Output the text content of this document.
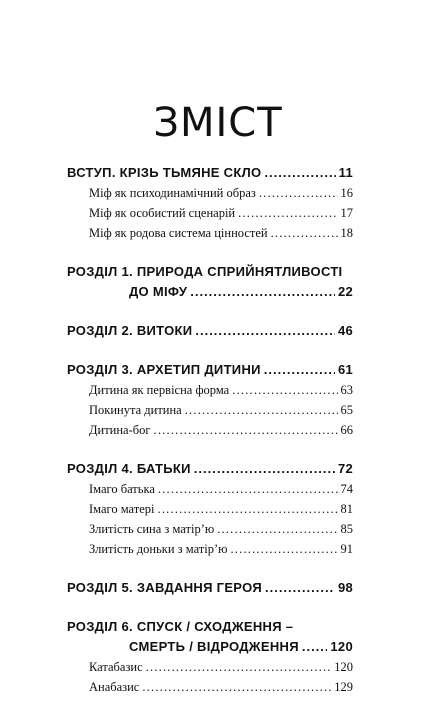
ЗМІСТ
ВСТУП. КРІЗЬ ТЬМЯНЕ СКЛО .....	11
Міф як психодинамічний образ .....	16
Міф як особистий сценарій .....	17
Міф як родова система цінностей .....	18
РОЗДІЛ 1. ПРИРОДА СПРИЙНЯТЛИВОСТІ
ДО МІФУ .....	22
РОЗДІЛ 2. ВИТОКИ .....	46
РОЗДІЛ 3. АРХЕТИП ДИТИНИ .....	61
Дитина як первісна форма .....	63
Покинута дитина .....	65
Дитина-бог .....	66
РОЗДІЛ 4. БАТЬКИ .....	72
Імаго батька .....	74
Імаго матері .....	81
Злитість сина з матір’ю .....	85
Злитість доньки з матір’ю .....	91
РОЗДІЛ 5. ЗАВДАННЯ ГЕРОЯ .....	98
РОЗДІЛ 6. СПУСК / СХОДЖЕННЯ –
СМЕРТЬ / ВІДРОДЖЕННЯ ..... 120
Катабазис .....	120
Анабазис .....	129
